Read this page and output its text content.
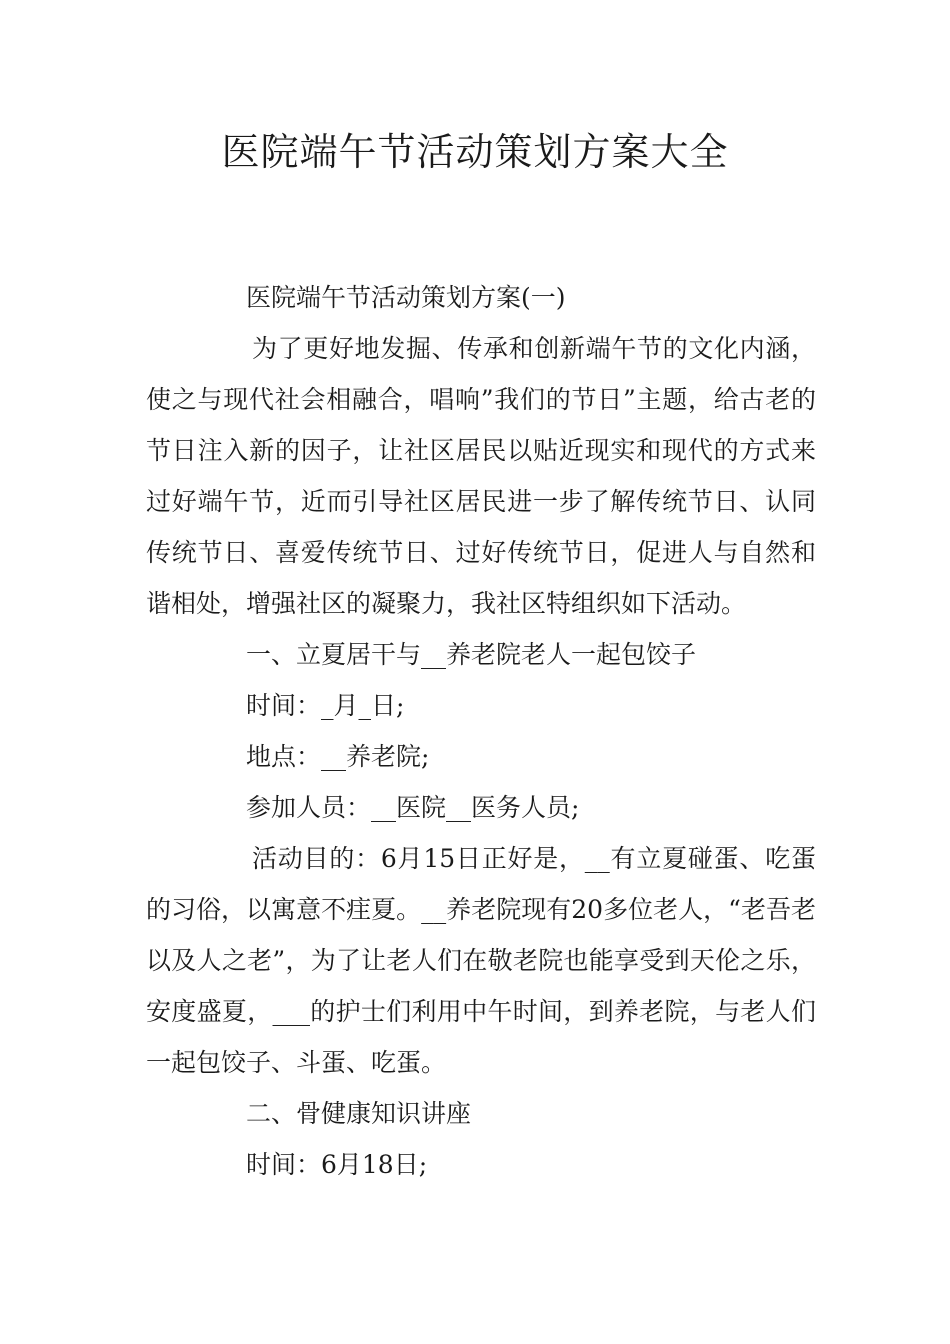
医院端午节活动策划方案大全

医院端午节活动策划方案(一)

为了更好地发掘、传承和创新端午节的文化内涵，使之与现代社会相融合，唱响”我们的节日”主题，给古老的节日注入新的因子，让社区居民以贴近现实和现代的方式来过好端午节，近而引导社区居民进一步了解传统节日、认同传统节日、喜爱传统节日、过好传统节日，促进人与自然和谐相处，增强社区的凝聚力，我社区特组织如下活动。

一、立夏居干与__养老院老人一起包饺子

时间：_月_日;

地点：__养老院;

参加人员：__医院__医务人员;

活动目的：6月15日正好是，__有立夏碰蛋、吃蛋的习俗，以寓意不疰夏。__养老院现有20多位老人，“老吾老以及人之老”，为了让老人们在敬老院也能享受到天伦之乐，安度盛夏，___的护士们利用中午时间，到养老院，与老人们一起包饺子、斗蛋、吃蛋。

二、骨健康知识讲座

时间：6月18日;
